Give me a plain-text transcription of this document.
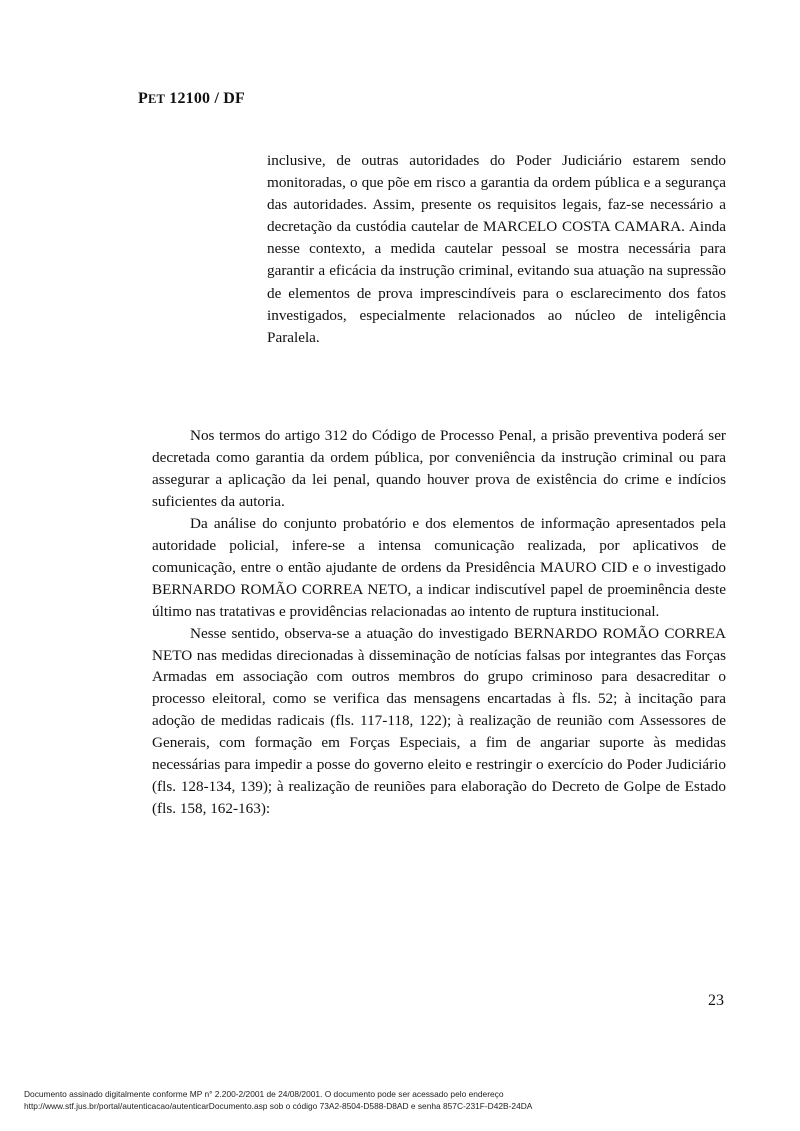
PET 12100 / DF

inclusive, de outras autoridades do Poder Judiciário estarem sendo monitoradas, o que põe em risco a garantia da ordem pública e a segurança das autoridades. Assim, presente os requisitos legais, faz-se necessário a decretação da custódia cautelar de MARCELO COSTA CAMARA. Ainda nesse contexto, a medida cautelar pessoal se mostra necessária para garantir a eficácia da instrução criminal, evitando sua atuação na supressão de elementos de prova imprescindíveis para o esclarecimento dos fatos investigados, especialmente relacionados ao núcleo de inteligência Paralela.

Nos termos do artigo 312 do Código de Processo Penal, a prisão preventiva poderá ser decretada como garantia da ordem pública, por conveniência da instrução criminal ou para assegurar a aplicação da lei penal, quando houver prova de existência do crime e indícios suficientes da autoria.

Da análise do conjunto probatório e dos elementos de informação apresentados pela autoridade policial, infere-se a intensa comunicação realizada, por aplicativos de comunicação, entre o então ajudante de ordens da Presidência MAURO CID e o investigado BERNARDO ROMÃO CORREA NETO, a indicar indiscutível papel de proeminência deste último nas tratativas e providências relacionadas ao intento de ruptura institucional.

Nesse sentido, observa-se a atuação do investigado BERNARDO ROMÃO CORREA NETO nas medidas direcionadas à disseminação de notícias falsas por integrantes das Forças Armadas em associação com outros membros do grupo criminoso para desacreditar o processo eleitoral, como se verifica das mensagens encartadas à fls. 52; à incitação para adoção de medidas radicais (fls. 117-118, 122); à realização de reunião com Assessores de Generais, com formação em Forças Especiais, a fim de angariar suporte às medidas necessárias para impedir a posse do governo eleito e restringir o exercício do Poder Judiciário (fls. 128-134, 139); à realização de reuniões para elaboração do Decreto de Golpe de Estado (fls. 158, 162-163):

23
Documento assinado digitalmente conforme MP n° 2.200-2/2001 de 24/08/2001. O documento pode ser acessado pelo endereço
http://www.stf.jus.br/portal/autenticacao/autenticarDocumento.asp sob o código 73A2-8504-D588-D8AD e senha 857C-231F-D42B-24DA
